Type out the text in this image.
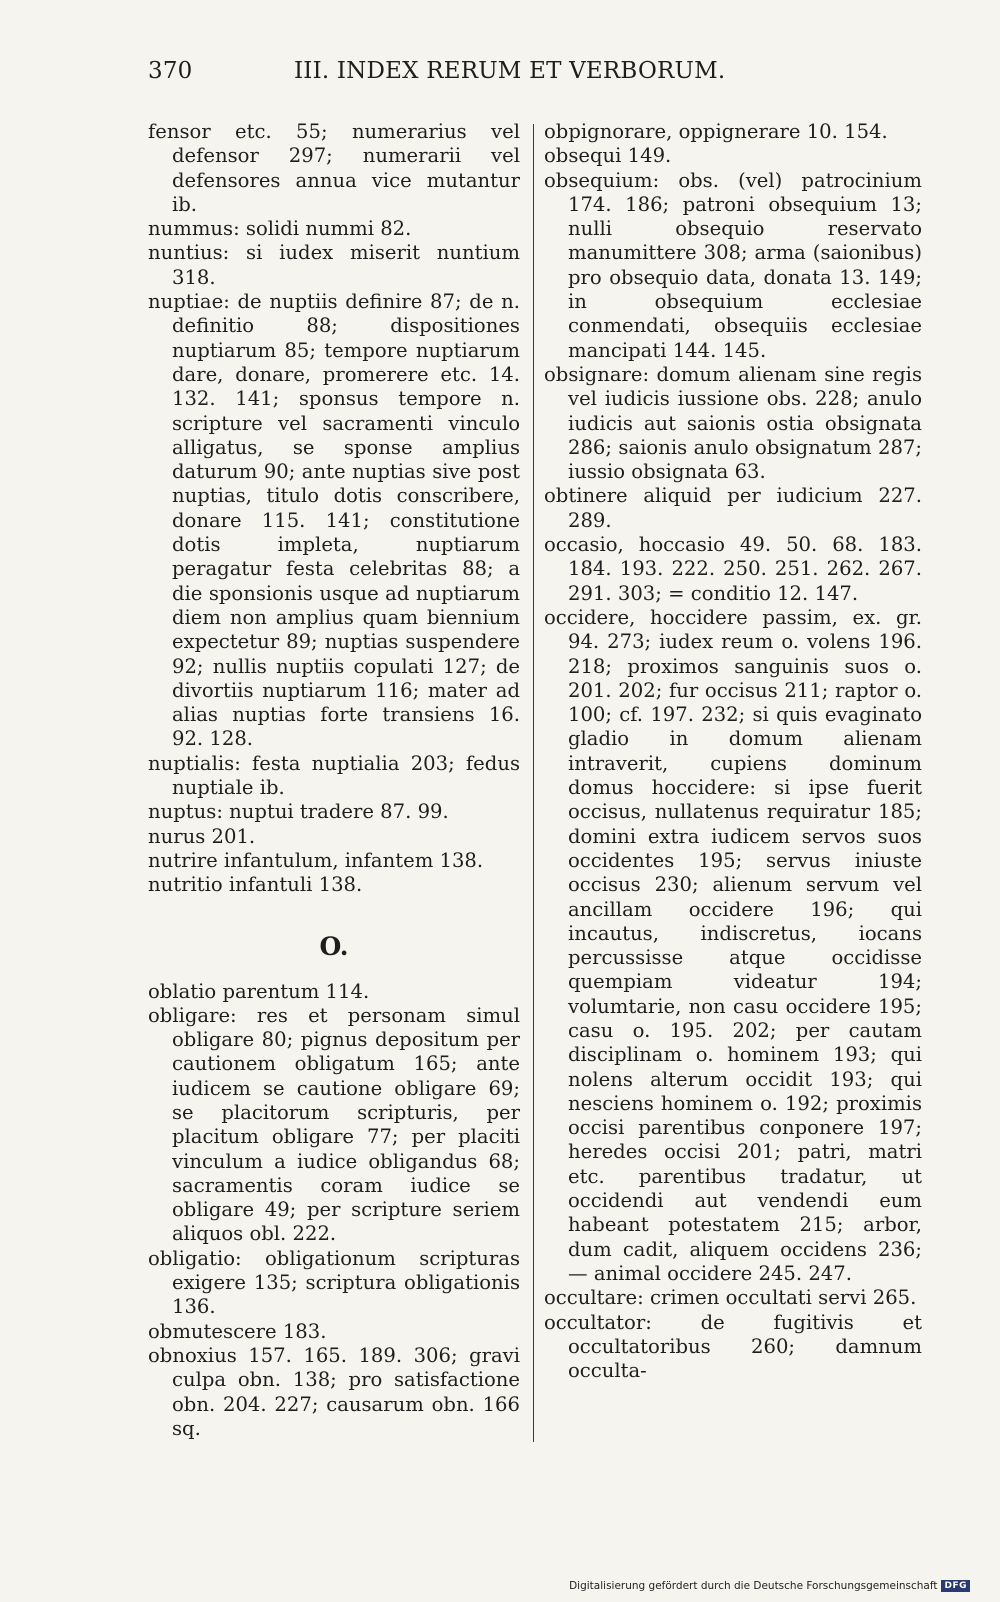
370	III. INDEX RERUM ET VERBORUM.

fensor etc. 55; numerarius vel defensor 297; numerarii vel defensores annua vice mutantur ib.

nummus: solidi nummi 82.

nuntius: si iudex miserit nuntium 318.

nuptiae: de nuptiis definire 87; de n. definitio 88; dispositiones nuptiarum 85; tempore nuptiarum dare, donare, promerere etc. 14. 132. 141; sponsus tempore n. scripture vel sacramenti vinculo alligatus, se sponse amplius daturum 90; ante nuptias sive post nuptias, titulo dotis conscribere, donare 115. 141; constitutione dotis impleta, nuptiarum peragatur festa celebritas 88; a die sponsionis usque ad nuptiarum diem non amplius quam biennium expectetur 89; nuptias suspendere 92; nullis nuptiis copulati 127; de divortiis nuptiarum 116; mater ad alias nuptias forte transiens 16. 92. 128.

nuptialis: festa nuptialia 203; fedus nuptiale ib.

nuptus: nuptui tradere 87. 99.

nurus 201.

nutrire infantulum, infantem 138.

nutritio infantuli 138.

O.

oblatio parentum 114.

obligare: res et personam simul obligare 80; pignus depositum per cautionem obligatum 165; ante iudicem se cautione obligare 69; se placitorum scripturis, per placitum obligare 77; per placiti vinculum a iudice obligandus 68; sacramentis coram iudice se obligare 49; per scripture seriem aliquos obl. 222.

obligatio: obligationum scripturas exigere 135; scriptura obligationis 136.

obmutescere 183.

obnoxius 157. 165. 189. 306; gravi culpa obn. 138; pro satisfactione obn. 204. 227; causarum obn. 166 sq.

obpignorare, oppignerare 10. 154.

obsequi 149.

obsequium: obs. (vel) patrocinium 174. 186; patroni obsequium 13; nulli obsequio reservato manumittere 308; arma (saionibus) pro obsequio data, donata 13. 149; in obsequium ecclesiae conmendati, obsequiis ecclesiae mancipati 144. 145.

obsignare: domum alienam sine regis vel iudicis iussione obs. 228; anulo iudicis aut saionis ostia obsignata 286; saionis anulo obsignatum 287; iussio obsignata 63.

obtinere aliquid per iudicium 227. 289.

occasio, hoccasio 49. 50. 68. 183. 184. 193. 222. 250. 251. 262. 267. 291. 303; = conditio 12. 147.

occidere, hoccidere passim, ex. gr. 94. 273; iudex reum o. volens 196. 218; proximos sanguinis suos o. 201. 202; fur occisus 211; raptor o. 100; cf. 197. 232; si quis evaginato gladio in domum alienam intraverit, cupiens dominum domus hoccidere: si ipse fuerit occisus, nullatenus requiratur 185; domini extra iudicem servos suos occidentes 195; servus iniuste occisus 230; alienum servum vel ancillam occidere 196; qui incautus, indiscretus, iocans percussisse atque occidisse quempiam videatur 194; volumtarie, non casu occidere 195; casu o. 195. 202; per cautam disciplinam o. hominem 193; qui nolens alterum occidit 193; qui nesciens hominem o. 192; proximis occisi parentibus conponere 197; heredes occisi 201; patri, matri etc. parentibus tradatur, ut occidendi aut vendendi eum habeant potestatem 215; arbor, dum cadit, aliquem occidens 236; — animal occidere 245. 247.

occultare: crimen occultati servi 265.

occultator: de fugitivis et occultatoribus 260; damnum occulta-

Digitalisierung gefördert durch die Deutsche Forschungsgemeinschaft DFG
